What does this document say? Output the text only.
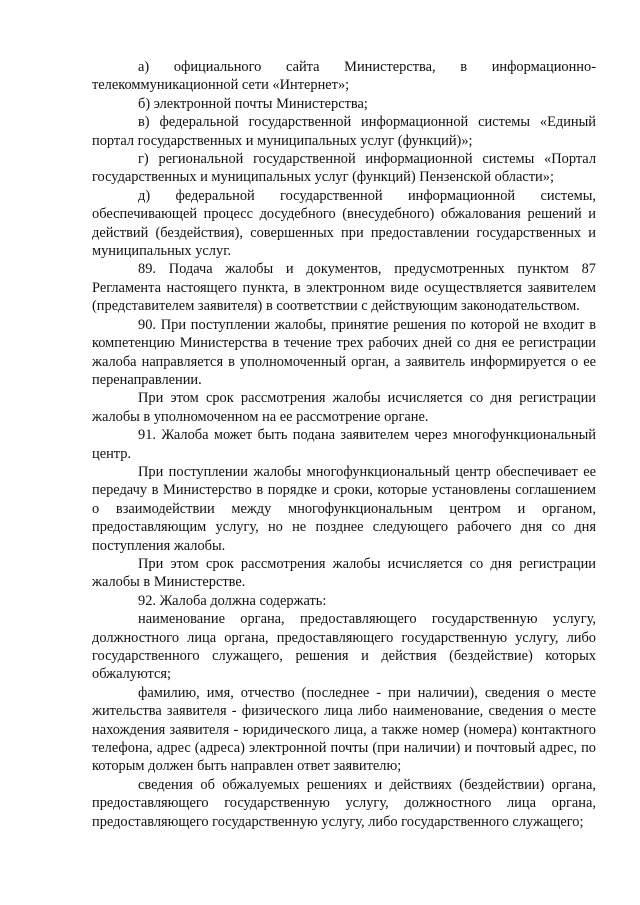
а) официального сайта Министерства, в информационно-телекоммуникационной сети «Интернет»;

б) электронной почты Министерства;

в) федеральной государственной информационной системы «Единый портал государственных и муниципальных услуг (функций)»;

г) региональной государственной информационной системы «Портал государственных и муниципальных услуг (функций) Пензенской области»;

д) федеральной государственной информационной системы, обеспечивающей процесс досудебного (внесудебного) обжалования решений и действий (бездействия), совершенных при предоставлении государственных и муниципальных услуг.

89. Подача жалобы и документов, предусмотренных пунктом 87 Регламента настоящего пункта, в электронном виде осуществляется заявителем (представителем заявителя) в соответствии с действующим законодательством.

90. При поступлении жалобы, принятие решения по которой не входит в компетенцию Министерства в течение трех рабочих дней со дня ее регистрации жалоба направляется в уполномоченный орган, а заявитель информируется о ее перенаправлении.

При этом срок рассмотрения жалобы исчисляется со дня регистрации жалобы в уполномоченном на ее рассмотрение органе.

91. Жалоба может быть подана заявителем через многофункциональный центр.

При поступлении жалобы многофункциональный центр обеспечивает ее передачу в Министерство в порядке и сроки, которые установлены соглашением о взаимодействии между многофункциональным центром и органом, предоставляющим услугу, но не позднее следующего рабочего дня со дня поступления жалобы.

При этом срок рассмотрения жалобы исчисляется со дня регистрации жалобы в Министерстве.

92. Жалоба должна содержать:

наименование органа, предоставляющего государственную услугу, должностного лица органа, предоставляющего государственную услугу, либо государственного служащего, решения и действия (бездействие) которых обжалуются;

фамилию, имя, отчество (последнее - при наличии), сведения о месте жительства заявителя - физического лица либо наименование, сведения о месте нахождения заявителя - юридического лица, а также номер (номера) контактного телефона, адрес (адреса) электронной почты (при наличии) и почтовый адрес, по которым должен быть направлен ответ заявителю;

сведения об обжалуемых решениях и действиях (бездействии) органа, предоставляющего государственную услугу, должностного лица органа, предоставляющего государственную услугу, либо государственного служащего;
